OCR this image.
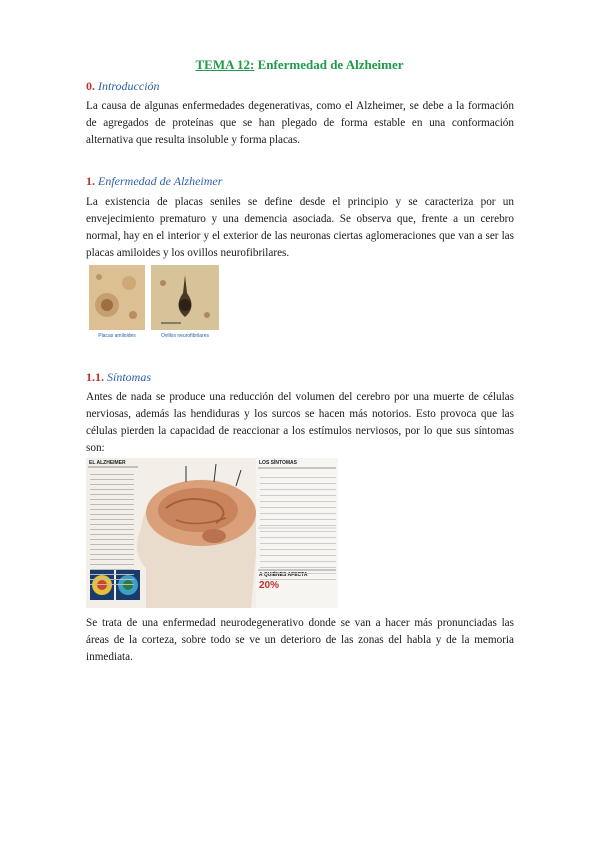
TEMA 12: Enfermedad de Alzheimer
0. Introducción
La causa de algunas enfermedades degenerativas, como el Alzheimer, se debe a la formación de agregados de proteínas que se han plegado de forma estable en una conformación alternativa que resulta insoluble y forma placas.
1. Enfermedad de Alzheimer
La existencia de placas seniles se define desde el principio y se caracteriza por un envejecimiento prematuro y una demencia asociada. Se observa que, frente a un cerebro normal, hay en el interior y el exterior de las neuronas ciertas aglomeraciones que van a ser las placas amiloides y los ovillos neurofibrilares.
Placas amiloides	Ovillos neurofibrilares
1.1. Síntomas
Antes de nada se produce una reducción del volumen del cerebro por una muerte de células nerviosas, además las hendiduras y los surcos se hacen más notorios. Esto provoca que las células pierden la capacidad de reaccionar a los estímulos nerviosos, por lo que sus síntomas son:
EL ALZHEIMER	LOS SÍNTOMAS
A QUIÉNES AFECTA
20%
Se trata de una enfermedad neurodegenerativo donde se van a hacer más pronunciadas las áreas de la corteza, sobre todo se ve un deterioro de las zonas del habla y de la memoria inmediata.
